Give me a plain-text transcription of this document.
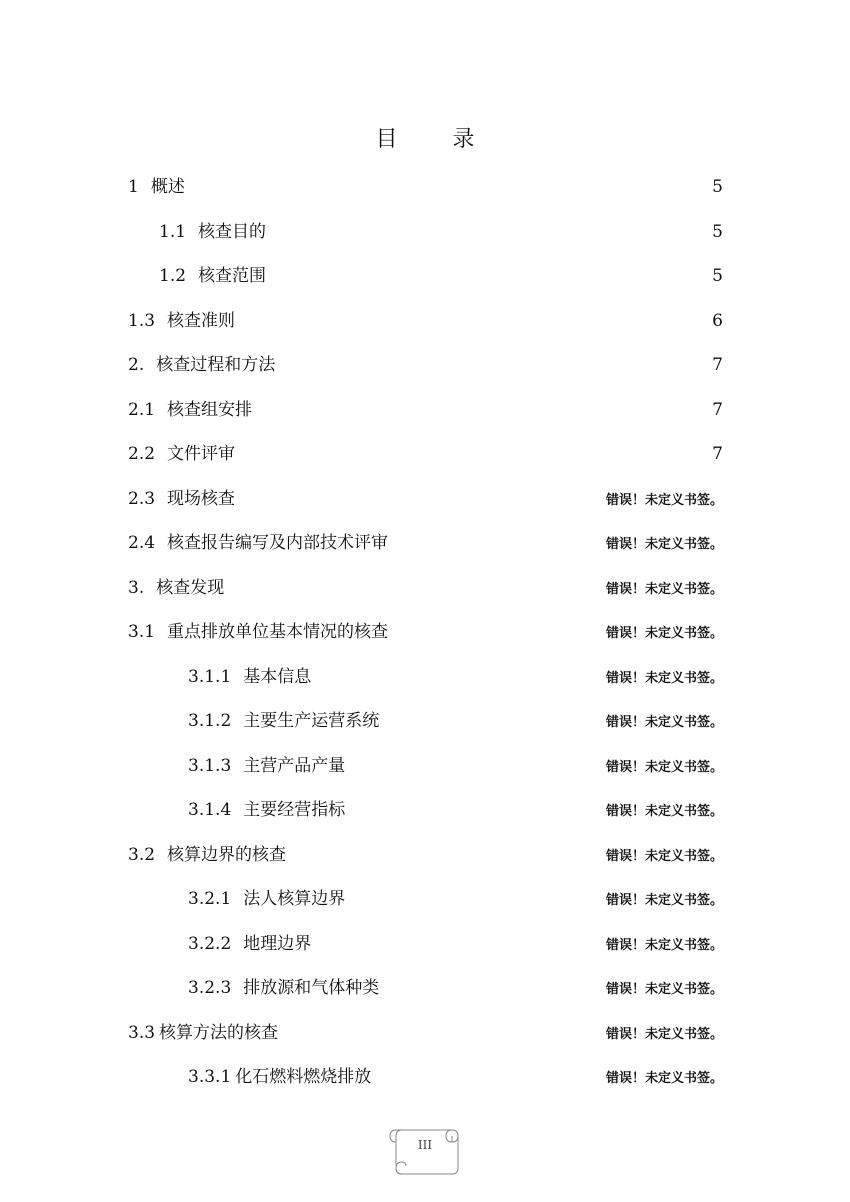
目 录
1 概述	5
1.1 核查目的	5
1.2 核查范围	5
1.3 核查准则	6
2. 核查过程和方法	7
2.1 核查组安排	7
2.2 文件评审	7
2.3 现场核查	错误！未定义书签。
2.4 核查报告编写及内部技术评审	错误！未定义书签。
3. 核查发现	错误！未定义书签。
3.1 重点排放单位基本情况的核查	错误！未定义书签。
3.1.1 基本信息	错误！未定义书签。
3.1.2 主要生产运营系统	错误！未定义书签。
3.1.3 主营产品产量	错误！未定义书签。
3.1.4 主要经营指标	错误！未定义书签。
3.2 核算边界的核查	错误！未定义书签。
3.2.1 法人核算边界	错误！未定义书签。
3.2.2 地理边界	错误！未定义书签。
3.2.3 排放源和气体种类	错误！未定义书签。
3.3 核算方法的核查	错误！未定义书签。
3.3.1 化石燃料燃烧排放	错误！未定义书签。
III
